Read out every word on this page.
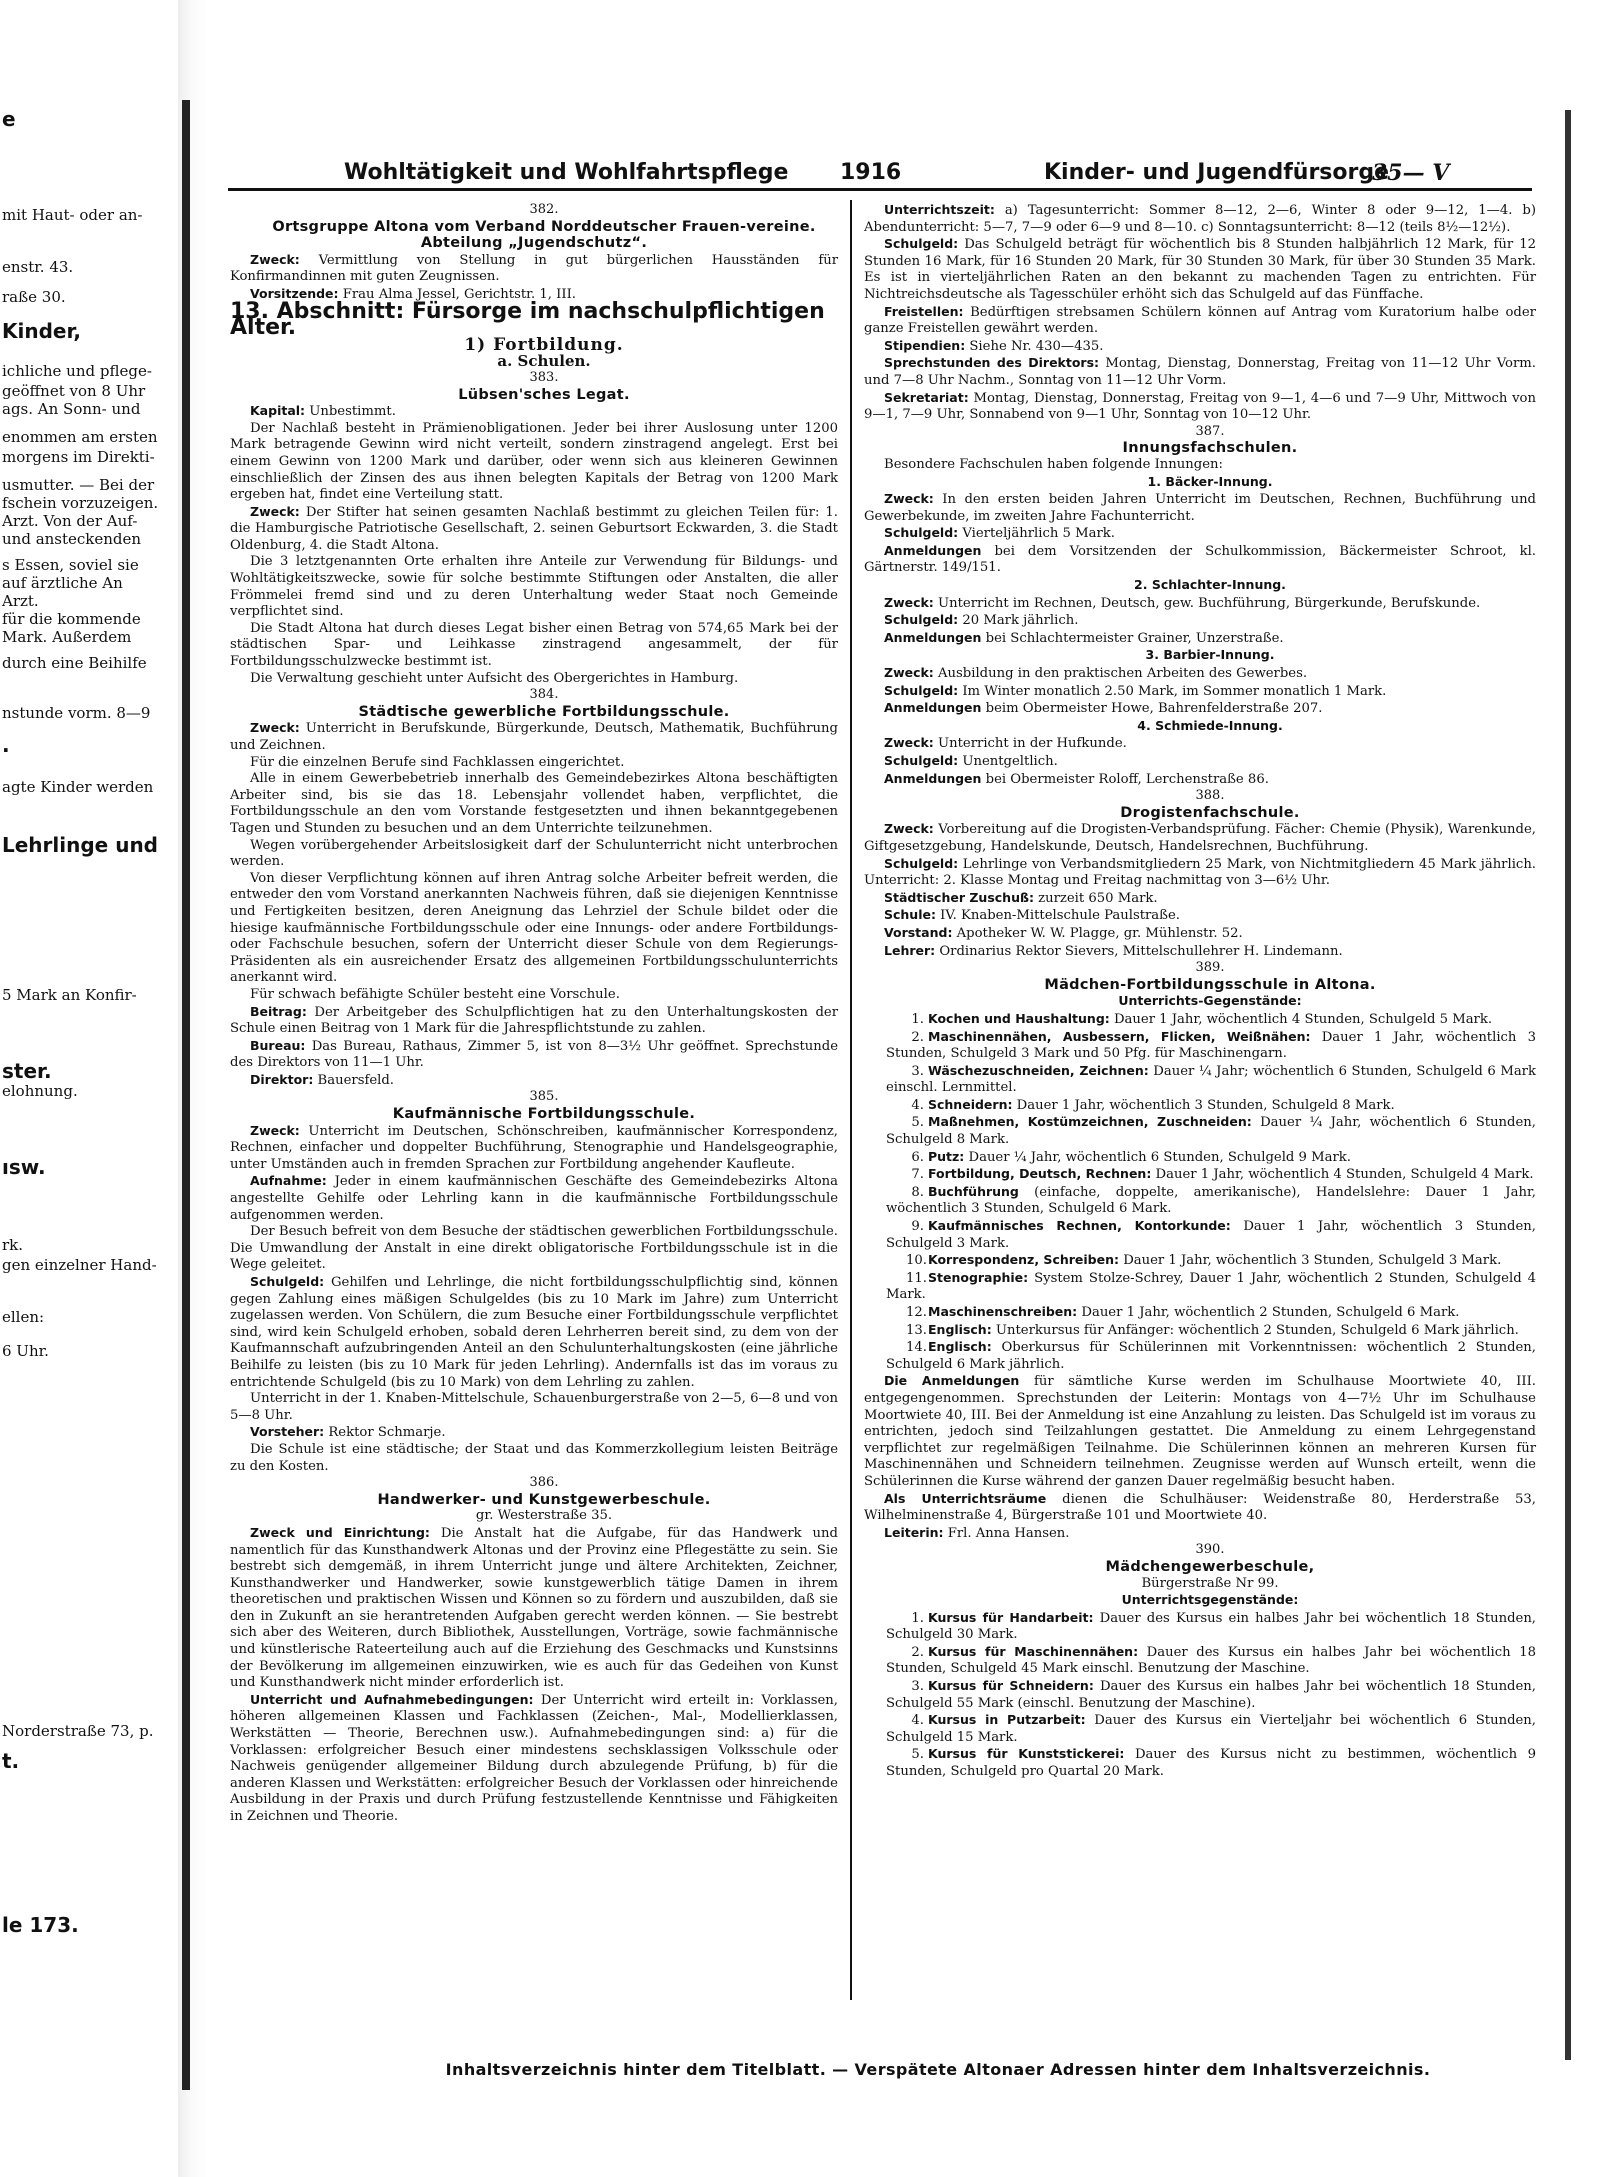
e
mit Haut- oder an-
enstr. 43.
raße 30.
Kinder,
ichliche und pflege-
geöffnet von 8 Uhr
ags. An Sonn- und
enommen am ersten
morgens im Direkti-
usmutter. — Bei der
fschein vorzuzeigen.
Arzt. Von der Auf-
und ansteckenden
s Essen, soviel sie
auf ärztliche An
Arzt.
für die kommende
Mark. Außerdem
durch eine Beihilfe
nstunde vorm. 8—9
.
agte Kinder werden
Lehrlinge und
5 Mark an Konfir-
ster.
elohnung.
ısw.
rk.
gen einzelner Hand-
ellen:
6 Uhr.
Norderstraße 73, p.
t.
le 173.
Wohltätigkeit und Wohlfahrtspflege 1916	Kinder- und Jugendfürsorge
35— V

382.

Ortsgruppe Altona vom Verband Norddeutscher Frauen-vereine. Abteilung „Jugendschutz“.

Zweck: Vermittlung von Stellung in gut bürgerlichen Hausständen für Konfirmandinnen mit guten Zeugnissen.

Vorsitzende: Frau Alma Jessel, Gerichtstr. 1, III.

13. Abschnitt: Fürsorge im nachschulpflichtigen Alter.

1) Fortbildung.

a. Schulen.

383.

Lübsen'sches Legat.

Kapital: Unbestimmt.

Der Nachlaß besteht in Prämienobligationen. Jeder bei ihrer Auslosung unter 1200 Mark betragende Gewinn wird nicht verteilt, sondern zinstragend angelegt. Erst bei einem Gewinn von 1200 Mark und darüber, oder wenn sich aus kleineren Gewinnen einschließlich der Zinsen des aus ihnen belegten Kapitals der Betrag von 1200 Mark ergeben hat, findet eine Verteilung statt.

Zweck: Der Stifter hat seinen gesamten Nachlaß bestimmt zu gleichen Teilen für: 1. die Hamburgische Patriotische Gesellschaft, 2. seinen Geburtsort Eckwarden, 3. die Stadt Oldenburg, 4. die Stadt Altona.

Die 3 letztgenannten Orte erhalten ihre Anteile zur Verwendung für Bildungs- und Wohltätigkeitszwecke, sowie für solche bestimmte Stiftungen oder Anstalten, die aller Frömmelei fremd sind und zu deren Unterhaltung weder Staat noch Gemeinde verpflichtet sind.

Die Stadt Altona hat durch dieses Legat bisher einen Betrag von 574,65 Mark bei der städtischen Spar- und Leihkasse zinstragend angesammelt, der für Fortbildungsschulzwecke bestimmt ist.

Die Verwaltung geschieht unter Aufsicht des Obergerichtes in Hamburg.

384.

Städtische gewerbliche Fortbildungsschule.

Zweck: Unterricht in Berufskunde, Bürgerkunde, Deutsch, Mathematik, Buchführung und Zeichnen.

Für die einzelnen Berufe sind Fachklassen eingerichtet.

Alle in einem Gewerbebetrieb innerhalb des Gemeindebezirkes Altona beschäftigten Arbeiter sind, bis sie das 18. Lebensjahr vollendet haben, verpflichtet, die Fortbildungsschule an den vom Vorstande festgesetzten und ihnen bekanntgegebenen Tagen und Stunden zu besuchen und an dem Unterrichte teilzunehmen.

Wegen vorübergehender Arbeitslosigkeit darf der Schulunterricht nicht unterbrochen werden.

Von dieser Verpflichtung können auf ihren Antrag solche Arbeiter befreit werden, die entweder den vom Vorstand anerkannten Nachweis führen, daß sie diejenigen Kenntnisse und Fertigkeiten besitzen, deren Aneignung das Lehrziel der Schule bildet oder die hiesige kaufmännische Fortbildungsschule oder eine Innungs- oder andere Fortbildungs- oder Fachschule besuchen, sofern der Unterricht dieser Schule von dem Regierungs-Präsidenten als ein ausreichender Ersatz des allgemeinen Fortbildungsschulunterrichts anerkannt wird.

Für schwach befähigte Schüler besteht eine Vorschule.

Beitrag: Der Arbeitgeber des Schulpflichtigen hat zu den Unterhaltungskosten der Schule einen Beitrag von 1 Mark für die Jahrespflichtstunde zu zahlen.

Bureau: Das Bureau, Rathaus, Zimmer 5, ist von 8—3½ Uhr geöffnet. Sprechstunde des Direktors von 11—1 Uhr.

Direktor: Bauersfeld.

385.

Kaufmännische Fortbildungsschule.

Zweck: Unterricht im Deutschen, Schönschreiben, kaufmännischer Korrespondenz, Rechnen, einfacher und doppelter Buchführung, Stenographie und Handelsgeographie, unter Umständen auch in fremden Sprachen zur Fortbildung angehender Kaufleute.

Aufnahme: Jeder in einem kaufmännischen Geschäfte des Gemeindebezirks Altona angestellte Gehilfe oder Lehrling kann in die kaufmännische Fortbildungsschule aufgenommen werden.

Der Besuch befreit von dem Besuche der städtischen gewerblichen Fortbildungsschule. Die Umwandlung der Anstalt in eine direkt obligatorische Fortbildungsschule ist in die Wege geleitet.

Schulgeld: Gehilfen und Lehrlinge, die nicht fortbildungsschulpflichtig sind, können gegen Zahlung eines mäßigen Schulgeldes (bis zu 10 Mark im Jahre) zum Unterricht zugelassen werden. Von Schülern, die zum Besuche einer Fortbildungsschule verpflichtet sind, wird kein Schulgeld erhoben, sobald deren Lehrherren bereit sind, zu dem von der Kaufmannschaft aufzubringenden Anteil an den Schulunterhaltungskosten (eine jährliche Beihilfe zu leisten (bis zu 10 Mark für jeden Lehrling). Andernfalls ist das im voraus zu entrichtende Schulgeld (bis zu 10 Mark) von dem Lehrling zu zahlen.

Unterricht in der 1. Knaben-Mittelschule, Schauenburgerstraße von 2—5, 6—8 und von 5—8 Uhr.

Vorsteher: Rektor Schmarje.

Die Schule ist eine städtische; der Staat und das Kommerzkollegium leisten Beiträge zu den Kosten.

386.

Handwerker- und Kunstgewerbeschule.

gr. Westerstraße 35.

Zweck und Einrichtung: Die Anstalt hat die Aufgabe, für das Handwerk und namentlich für das Kunsthandwerk Altonas und der Provinz eine Pflegestätte zu sein. Sie bestrebt sich demgemäß, in ihrem Unterricht junge und ältere Architekten, Zeichner, Kunsthandwerker und Handwerker, sowie kunstgewerblich tätige Damen in ihrem theoretischen und praktischen Wissen und Können so zu fördern und auszubilden, daß sie den in Zukunft an sie herantretenden Aufgaben gerecht werden können. — Sie bestrebt sich aber des Weiteren, durch Bibliothek, Ausstellungen, Vorträge, sowie fachmännische und künstlerische Rateerteilung auch auf die Erziehung des Geschmacks und Kunstsinns der Bevölkerung im allgemeinen einzuwirken, wie es auch für das Gedeihen von Kunst und Kunsthandwerk nicht minder erforderlich ist.

Unterricht und Aufnahmebedingungen: Der Unterricht wird erteilt in: Vorklassen, höheren allgemeinen Klassen und Fachklassen (Zeichen-, Mal-, Modellierklassen, Werkstätten — Theorie, Berechnen usw.). Aufnahmebedingungen sind: a) für die Vorklassen: erfolgreicher Besuch einer mindestens sechsklassigen Volksschule oder Nachweis genügender allgemeiner Bildung durch abzulegende Prüfung, b) für die anderen Klassen und Werkstätten: erfolgreicher Besuch der Vorklassen oder hinreichende Ausbildung in der Praxis und durch Prüfung festzustellende Kenntnisse und Fähigkeiten in Zeichnen und Theorie.

Unterrichtszeit: a) Tagesunterricht: Sommer 8—12, 2—6, Winter 8 oder 9—12, 1—4. b) Abendunterricht: 5—7, 7—9 oder 6—9 und 8—10. c) Sonntagsunterricht: 8—12 (teils 8½—12½).

Schulgeld: Das Schulgeld beträgt für wöchentlich bis 8 Stunden halbjährlich 12 Mark, für 12 Stunden 16 Mark, für 16 Stunden 20 Mark, für 30 Stunden 30 Mark, für über 30 Stunden 35 Mark. Es ist in vierteljährlichen Raten an den bekannt zu machenden Tagen zu entrichten. Für Nichtreichsdeutsche als Tagesschüler erhöht sich das Schulgeld auf das Fünffache.

Freistellen: Bedürftigen strebsamen Schülern können auf Antrag vom Kuratorium halbe oder ganze Freistellen gewährt werden.

Stipendien: Siehe Nr. 430—435.

Sprechstunden des Direktors: Montag, Dienstag, Donnerstag, Freitag von 11—12 Uhr Vorm. und 7—8 Uhr Nachm., Sonntag von 11—12 Uhr Vorm.

Sekretariat: Montag, Dienstag, Donnerstag, Freitag von 9—1, 4—6 und 7—9 Uhr, Mittwoch von 9—1, 7—9 Uhr, Sonnabend von 9—1 Uhr, Sonntag von 10—12 Uhr.

387.

Innungsfachschulen.

Besondere Fachschulen haben folgende Innungen:

1. Bäcker-Innung.

Zweck: In den ersten beiden Jahren Unterricht im Deutschen, Rechnen, Buchführung und Gewerbekunde, im zweiten Jahre Fachunterricht.

Schulgeld: Vierteljährlich 5 Mark.

Anmeldungen bei dem Vorsitzenden der Schulkommission, Bäckermeister Schroot, kl. Gärtnerstr. 149/151.

2. Schlachter-Innung.

Zweck: Unterricht im Rechnen, Deutsch, gew. Buchführung, Bürgerkunde, Berufskunde.

Schulgeld: 20 Mark jährlich.

Anmeldungen bei Schlachtermeister Grainer, Unzerstraße.

3. Barbier-Innung.

Zweck: Ausbildung in den praktischen Arbeiten des Gewerbes.

Schulgeld: Im Winter monatlich 2.50 Mark, im Sommer monatlich 1 Mark.

Anmeldungen beim Obermeister Howe, Bahrenfelderstraße 207.

4. Schmiede-Innung.

Zweck: Unterricht in der Hufkunde.

Schulgeld: Unentgeltlich.

Anmeldungen bei Obermeister Roloff, Lerchenstraße 86.

388.

Drogistenfachschule.

Zweck: Vorbereitung auf die Drogisten-Verbandsprüfung. Fächer: Chemie (Physik), Warenkunde, Giftgesetzgebung, Handelskunde, Deutsch, Handelsrechnen, Buchführung.

Schulgeld: Lehrlinge von Verbandsmitgliedern 25 Mark, von Nichtmitgliedern 45 Mark jährlich. Unterricht: 2. Klasse Montag und Freitag nachmittag von 3—6½ Uhr.

Städtischer Zuschuß: zurzeit 650 Mark.

Schule: IV. Knaben-Mittelschule Paulstraße.

Vorstand: Apotheker W. W. Plagge, gr. Mühlenstr. 52.

Lehrer: Ordinarius Rektor Sievers, Mittelschullehrer H. Lindemann.

389.

Mädchen-Fortbildungsschule in Altona.

Unterrichts-Gegenstände:

1. Kochen und Haushaltung: Dauer 1 Jahr, wöchentlich 4 Stunden, Schulgeld 5 Mark.

2. Maschinennähen, Ausbessern, Flicken, Weißnähen: Dauer 1 Jahr, wöchentlich 3 Stunden, Schulgeld 3 Mark und 50 Pfg. für Maschinengarn.

3. Wäschezuschneiden, Zeichnen: Dauer ¼ Jahr; wöchentlich 6 Stunden, Schulgeld 6 Mark einschl. Lernmittel.

4. Schneidern: Dauer 1 Jahr, wöchentlich 3 Stunden, Schulgeld 8 Mark.

5. Maßnehmen, Kostümzeichnen, Zuschneiden: Dauer ¼ Jahr, wöchentlich 6 Stunden, Schulgeld 8 Mark.

6. Putz: Dauer ¼ Jahr, wöchentlich 6 Stunden, Schulgeld 9 Mark.

7. Fortbildung, Deutsch, Rechnen: Dauer 1 Jahr, wöchentlich 4 Stunden, Schulgeld 4 Mark.

8. Buchführung (einfache, doppelte, amerikanische), Handelslehre: Dauer 1 Jahr, wöchentlich 3 Stunden, Schulgeld 6 Mark.

9. Kaufmännisches Rechnen, Kontorkunde: Dauer 1 Jahr, wöchentlich 3 Stunden, Schulgeld 3 Mark.

10.Korrespondenz, Schreiben: Dauer 1 Jahr, wöchentlich 3 Stunden, Schulgeld 3 Mark.

11.Stenographie: System Stolze-Schrey, Dauer 1 Jahr, wöchentlich 2 Stunden, Schulgeld 4 Mark.

12.Maschinenschreiben: Dauer 1 Jahr, wöchentlich 2 Stunden, Schulgeld 6 Mark.

13.Englisch: Unterkursus für Anfänger: wöchentlich 2 Stunden, Schulgeld 6 Mark jährlich.

14.Englisch: Oberkursus für Schülerinnen mit Vorkenntnissen: wöchentlich 2 Stunden, Schulgeld 6 Mark jährlich.

Die Anmeldungen für sämtliche Kurse werden im Schulhause Moortwiete 40, III. entgegengenommen. Sprechstunden der Leiterin: Montags von 4—7½ Uhr im Schulhause Moortwiete 40, III. Bei der Anmeldung ist eine Anzahlung zu leisten. Das Schulgeld ist im voraus zu entrichten, jedoch sind Teilzahlungen gestattet. Die Anmeldung zu einem Lehrgegenstand verpflichtet zur regelmäßigen Teilnahme. Die Schülerinnen können an mehreren Kursen für Maschinennähen und Schneidern teilnehmen. Zeugnisse werden auf Wunsch erteilt, wenn die Schülerinnen die Kurse während der ganzen Dauer regelmäßig besucht haben.

Als Unterrichtsräume dienen die Schulhäuser: Weidenstraße 80, Herderstraße 53, Wilhelminenstraße 4, Bürgerstraße 101 und Moortwiete 40.

Leiterin: Frl. Anna Hansen.

390.

Mädchengewerbeschule,

Bürgerstraße Nr 99.

Unterrichtsgegenstände:

1. Kursus für Handarbeit: Dauer des Kursus ein halbes Jahr bei wöchentlich 18 Stunden, Schulgeld 30 Mark.

2. Kursus für Maschinennähen: Dauer des Kursus ein halbes Jahr bei wöchentlich 18 Stunden, Schulgeld 45 Mark einschl. Benutzung der Maschine.

3. Kursus für Schneidern: Dauer des Kursus ein halbes Jahr bei wöchentlich 18 Stunden, Schulgeld 55 Mark (einschl. Benutzung der Maschine).

4. Kursus in Putzarbeit: Dauer des Kursus ein Vierteljahr bei wöchentlich 6 Stunden, Schulgeld 15 Mark.

5. Kursus für Kunststickerei: Dauer des Kursus nicht zu bestimmen, wöchentlich 9 Stunden, Schulgeld pro Quartal 20 Mark.

Inhaltsverzeichnis hinter dem Titelblatt. — Verspätete Altonaer Adressen hinter dem Inhaltsverzeichnis.
